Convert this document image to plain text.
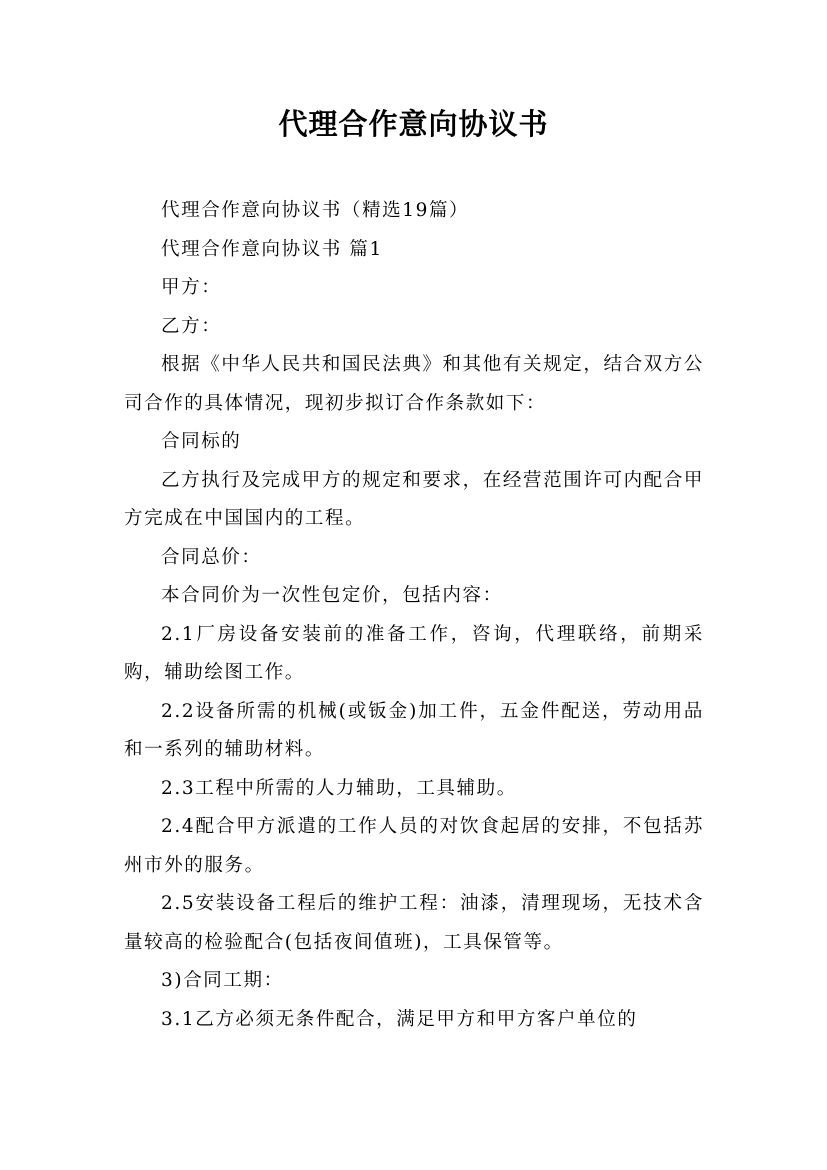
代理合作意向协议书

代理合作意向协议书（精选19篇）

代理合作意向协议书 篇1

甲方：

乙方：

根据《中华人民共和国民法典》和其他有关规定，结合双方公司合作的具体情况，现初步拟订合作条款如下：

合同标的

乙方执行及完成甲方的规定和要求，在经营范围许可内配合甲方完成在中国国内的工程。

合同总价：

本合同价为一次性包定价，包括内容：

2.1厂房设备安装前的准备工作，咨询，代理联络，前期采购，辅助绘图工作。

2.2设备所需的机械(或钣金)加工件，五金件配送，劳动用品和一系列的辅助材料。

2.3工程中所需的人力辅助，工具辅助。

2.4配合甲方派遣的工作人员的对饮食起居的安排，不包括苏州市外的服务。

2.5安装设备工程后的维护工程：油漆，清理现场，无技术含量较高的检验配合(包括夜间值班)，工具保管等。

3)合同工期：

3.1乙方必须无条件配合，满足甲方和甲方客户单位的
